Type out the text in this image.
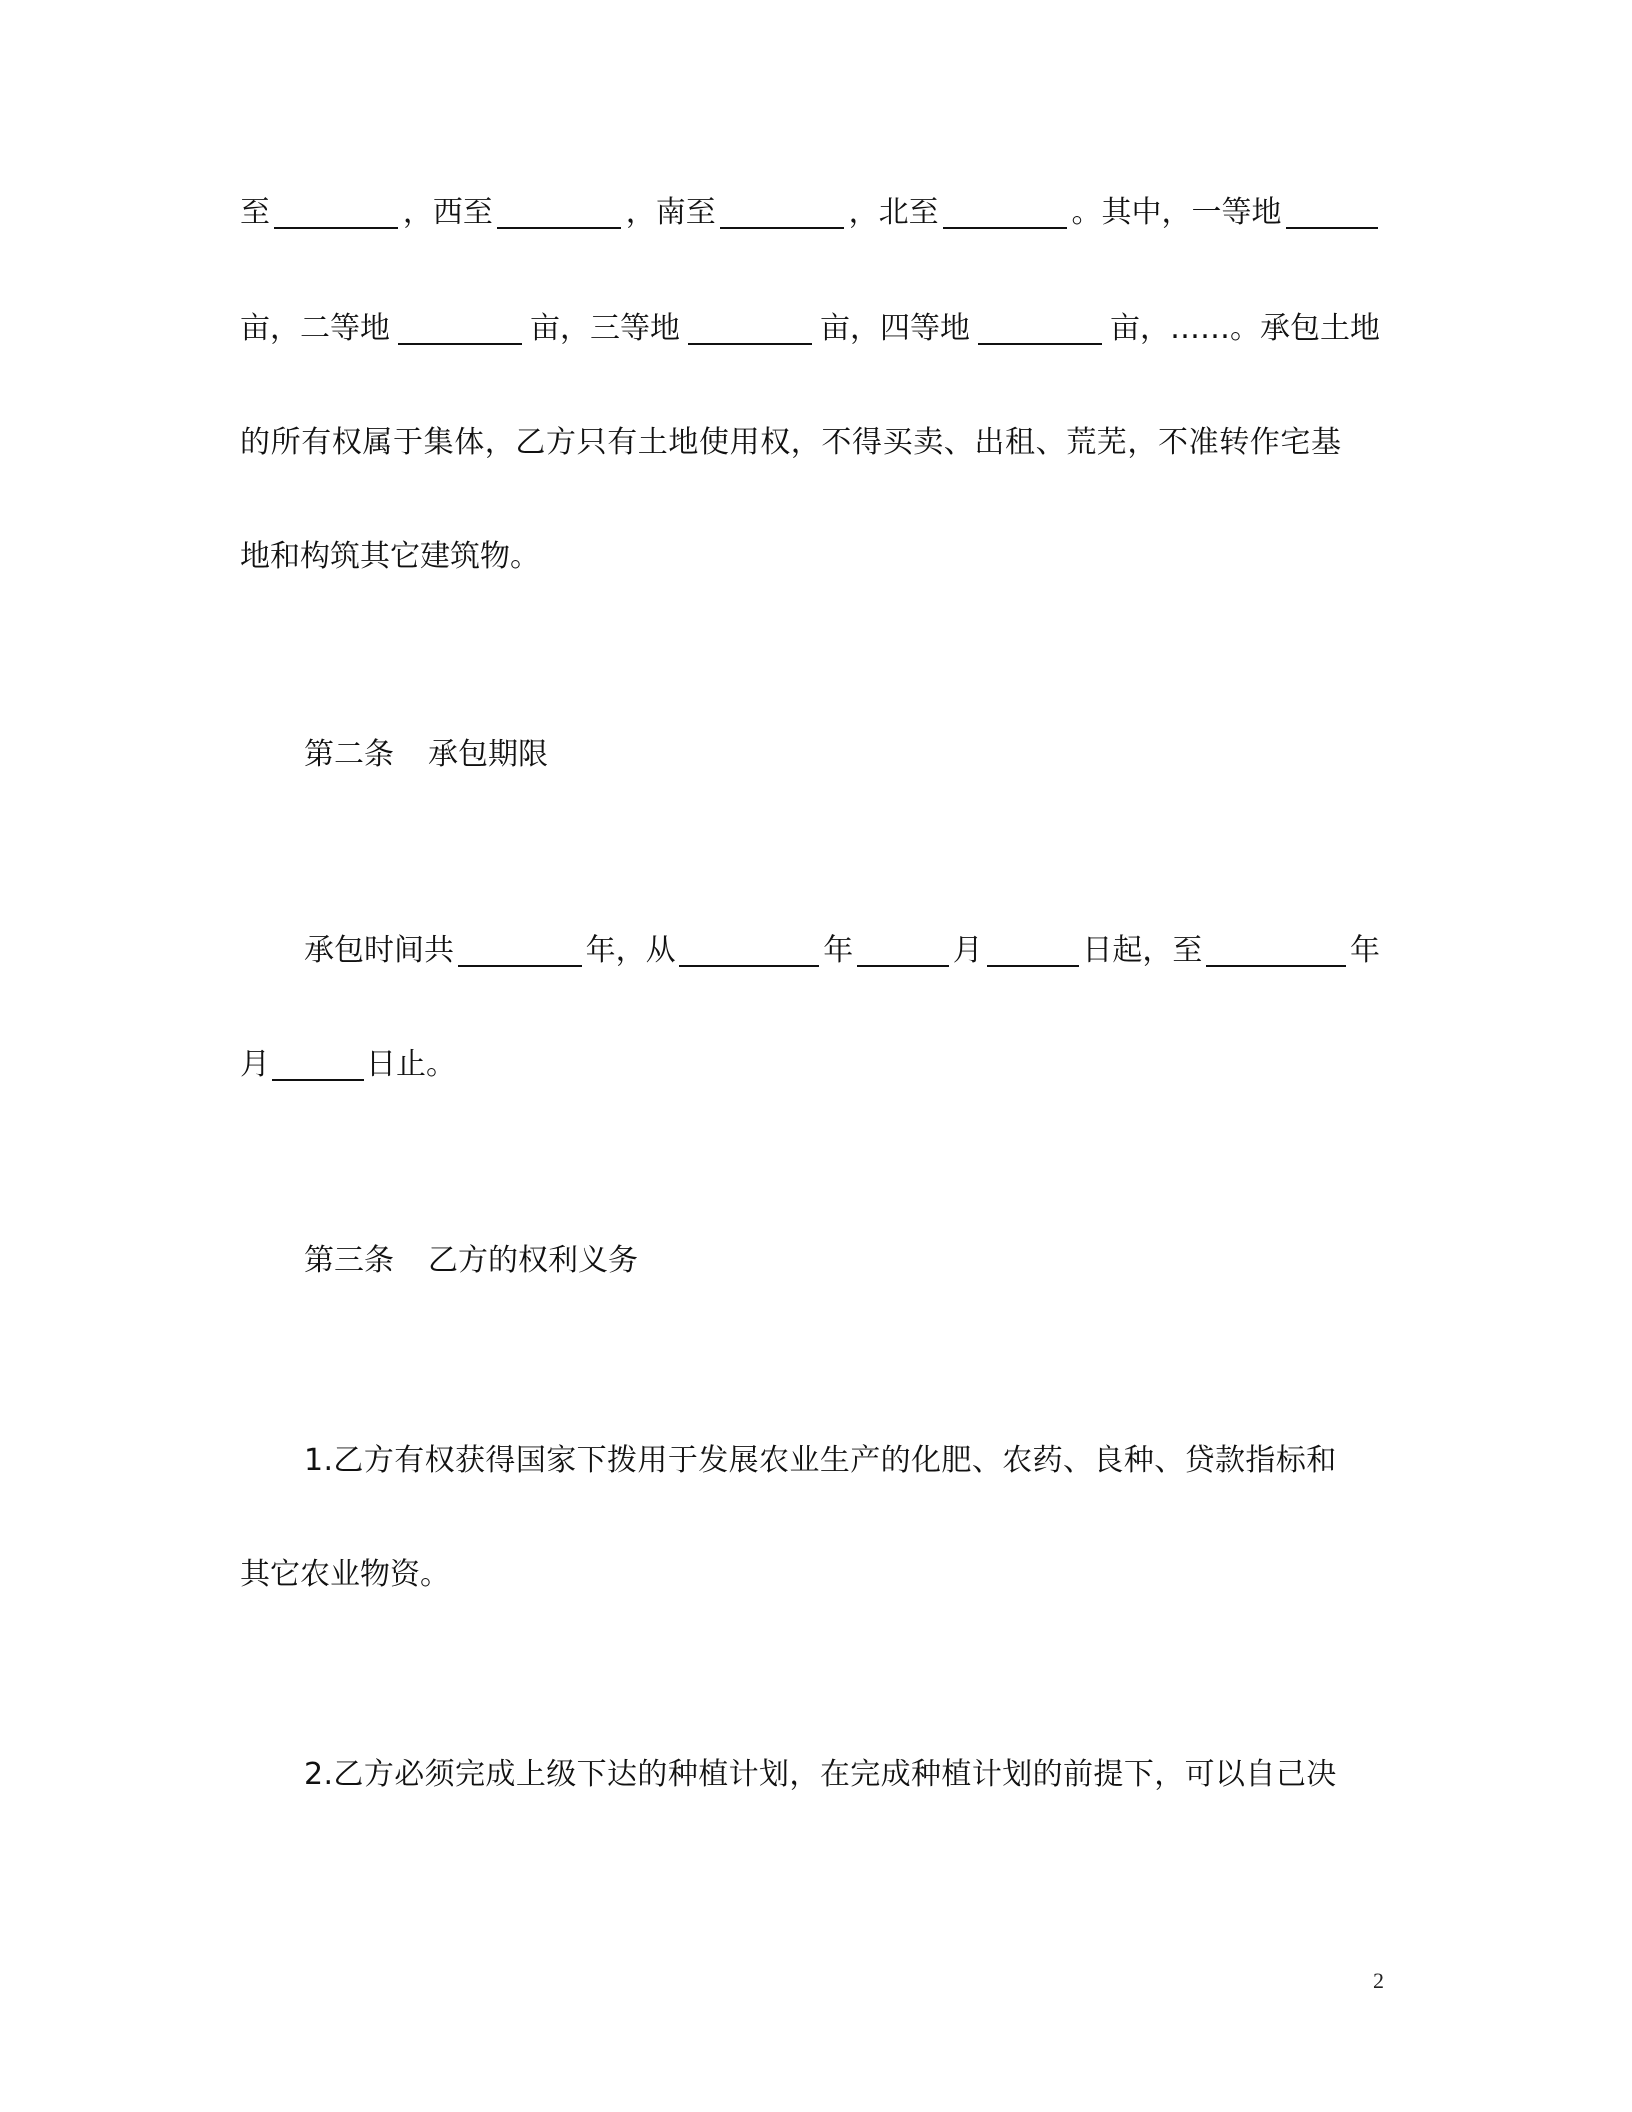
至	，西至	，南至	，北至	。其中，一等地
亩，二等地	亩，三等地	亩，四等地	亩，……。承包土地
的所有权属于集体，乙方只有土地使用权，不得买卖、出租、荒芜，不准转作宅基
地和构筑其它建筑物。
第二条 承包期限
承包时间共	年，从	年	月	日起，至	年
月	日止。
第三条 乙方的权利义务
1.乙方有权获得国家下拨用于发展农业生产的化肥、农药、良种、贷款指标和
其它农业物资。
2.乙方必须完成上级下达的种植计划，在完成种植计划的前提下，可以自己决
2
